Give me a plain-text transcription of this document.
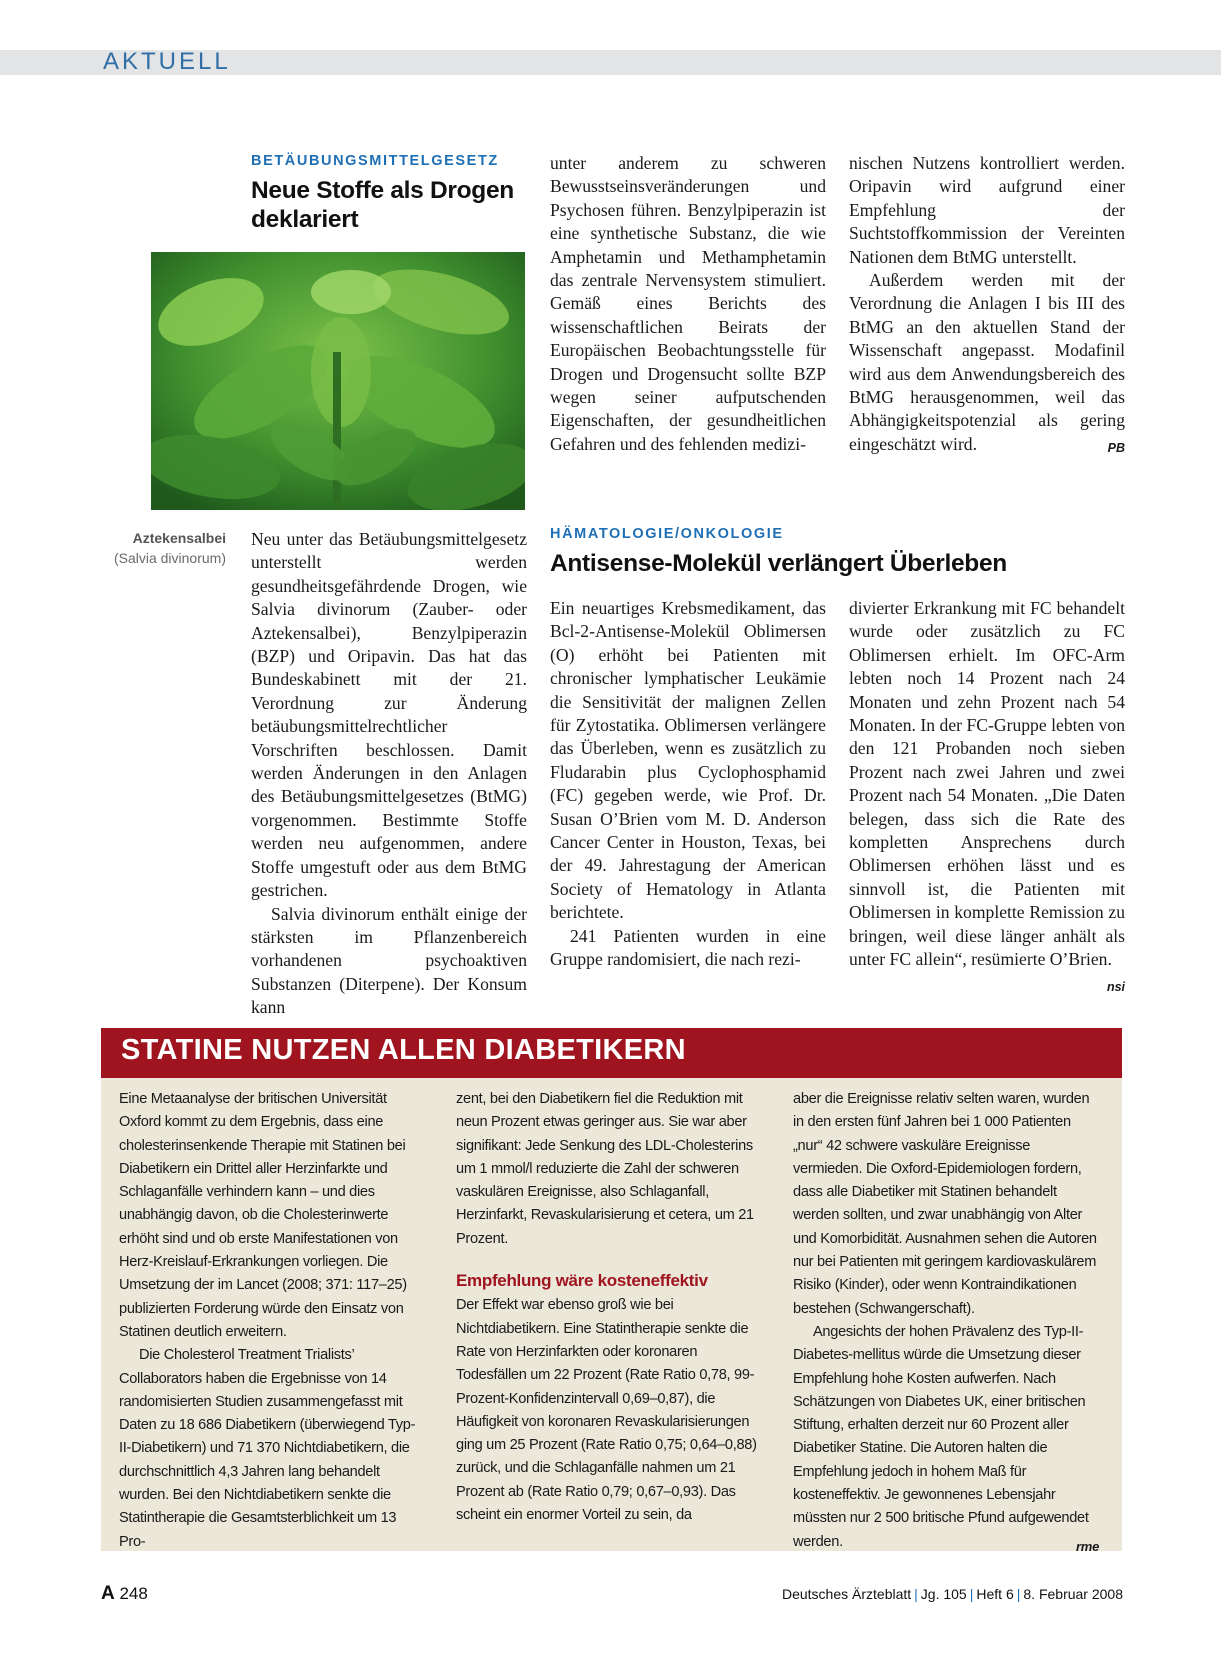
AKTUELL
BETÄUBUNGSMITTELGESETZ
Neue Stoffe als Drogen deklariert
Aztekensalbei
(Salvia divinorum)

Neu unter das Betäubungsmittelgesetz unterstellt werden gesundheitsgefährdende Drogen, wie Salvia divinorum (Zauber- oder Aztekensalbei), Benzylpiperazin (BZP) und Oripavin. Das hat das Bundeskabinett mit der 21. Verordnung zur Änderung betäubungsmittelrechtlicher Vorschriften beschlossen. Damit werden Änderungen in den Anlagen des Betäubungsmittelgesetzes (BtMG) vorgenommen. Bestimmte Stoffe werden neu aufgenommen, andere Stoffe umgestuft oder aus dem BtMG gestrichen.

Salvia divinorum enthält einige der stärksten im Pflanzenbereich vorhandenen psychoaktiven Substanzen (Diterpene). Der Konsum kann

unter anderem zu schweren Bewusstseinsveränderungen und Psychosen führen. Benzylpiperazin ist eine synthetische Substanz, die wie Amphetamin und Methamphetamin das zentrale Nervensystem stimuliert. Gemäß eines Berichts des wissenschaftlichen Beirats der Europäischen Beobachtungsstelle für Drogen und Drogensucht sollte BZP wegen seiner aufputschenden Eigenschaften, der gesundheitlichen Gefahren und des fehlenden medizi-

nischen Nutzens kontrolliert werden. Oripavin wird aufgrund einer Empfehlung der Suchtstoffkommission der Vereinten Nationen dem BtMG unterstellt.

Außerdem werden mit der Verordnung die Anlagen I bis III des BtMG an den aktuellen Stand der Wissenschaft angepasst. Modafinil wird aus dem Anwendungsbereich des BtMG herausgenommen, weil das Abhängigkeitspotenzial als gering eingeschätzt wird.	PB

HÄMATOLOGIE/ONKOLOGIE
Antisense-Molekül verlängert Überleben

Ein neuartiges Krebsmedikament, das Bcl-2-Antisense-Molekül Oblimersen (O) erhöht bei Patienten mit chronischer lymphatischer Leukämie die Sensitivität der malignen Zellen für Zytostatika. Oblimersen verlängere das Überleben, wenn es zusätzlich zu Fludarabin plus Cyclophosphamid (FC) gegeben werde, wie Prof. Dr. Susan O’Brien vom M. D. Anderson Cancer Center in Houston, Texas, bei der 49. Jahrestagung der American Society of Hematology in Atlanta berichtete.

241 Patienten wurden in eine Gruppe randomisiert, die nach rezi-

divierter Erkrankung mit FC behandelt wurde oder zusätzlich zu FC Oblimersen erhielt. Im OFC-Arm lebten noch 14 Prozent nach 24 Monaten und zehn Prozent nach 54 Monaten. In der FC-Gruppe lebten von den 121 Probanden noch sieben Prozent nach zwei Jahren und zwei Prozent nach 54 Monaten. „Die Daten belegen, dass sich die Rate des kompletten Ansprechens durch Oblimersen erhöhen lässt und es sinnvoll ist, die Patienten mit Oblimersen in komplette Remission zu bringen, weil diese länger anhält als unter FC allein“, resümierte O’Brien.
nsi

STATINE NUTZEN ALLEN DIABETIKERN

Eine Metaanalyse der britischen Universität Oxford kommt zu dem Ergebnis, dass eine cholesterinsenkende Therapie mit Statinen bei Diabetikern ein Drittel aller Herzinfarkte und Schlaganfälle verhindern kann – und dies unabhängig davon, ob die Cholesterinwerte erhöht sind und ob erste Manifestationen von Herz-Kreislauf-Erkrankungen vorliegen. Die Umsetzung der im Lancet (2008; 371: 117–25) publizierten Forderung würde den Einsatz von Statinen deutlich erweitern.

Die Cholesterol Treatment Trialists’ Collaborators haben die Ergebnisse von 14 randomisierten Studien zusammengefasst mit Daten zu 18 686 Diabetikern (überwiegend Typ-II-Diabetikern) und 71 370 Nichtdiabetikern, die durchschnittlich 4,3 Jahren lang behandelt wurden. Bei den Nichtdiabetikern senkte die Statintherapie die Gesamtsterblichkeit um 13 Pro-

zent, bei den Diabetikern fiel die Reduktion mit neun Prozent etwas geringer aus. Sie war aber signifikant: Jede Senkung des LDL-Cholesterins um 1 mmol/l reduzierte die Zahl der schweren vaskulären Ereignisse, also Schlaganfall, Herzinfarkt, Revaskularisierung et cetera, um 21 Prozent.

Empfehlung wäre kosteneffektiv

Der Effekt war ebenso groß wie bei Nichtdiabetikern. Eine Statintherapie senkte die Rate von Herzinfarkten oder koronaren Todesfällen um 22 Prozent (Rate Ratio 0,78, 99-Prozent-Konfidenzintervall 0,69–0,87), die Häufigkeit von koronaren Revaskularisierungen ging um 25 Prozent (Rate Ratio 0,75; 0,64–0,88) zurück, und die Schlaganfälle nahmen um 21 Prozent ab (Rate Ratio 0,79; 0,67–0,93). Das scheint ein enormer Vorteil zu sein, da

aber die Ereignisse relativ selten waren, wurden in den ersten fünf Jahren bei 1 000 Patienten „nur“ 42 schwere vaskuläre Ereignisse vermieden. Die Oxford-Epidemiologen fordern, dass alle Diabetiker mit Statinen behandelt werden sollten, und zwar unabhängig von Alter und Komorbidität. Ausnahmen sehen die Autoren nur bei Patienten mit geringem kardiovaskulärem Risiko (Kinder), oder wenn Kontraindikationen bestehen (Schwangerschaft).

Angesichts der hohen Prävalenz des Typ-II-Diabetes-mellitus würde die Umsetzung dieser Empfehlung hohe Kosten aufwerfen. Nach Schätzungen von Diabetes UK, einer britischen Stiftung, erhalten derzeit nur 60 Prozent aller Diabetiker Statine. Die Autoren halten die Empfehlung jedoch in hohem Maß für kosteneffektiv. Je gewonnenes Lebensjahr müssten nur 2 500 britische Pfund aufgewendet werden.	rme

A 248	Deutsches Ärzteblatt | Jg. 105 | Heft 6 | 8. Februar 2008
